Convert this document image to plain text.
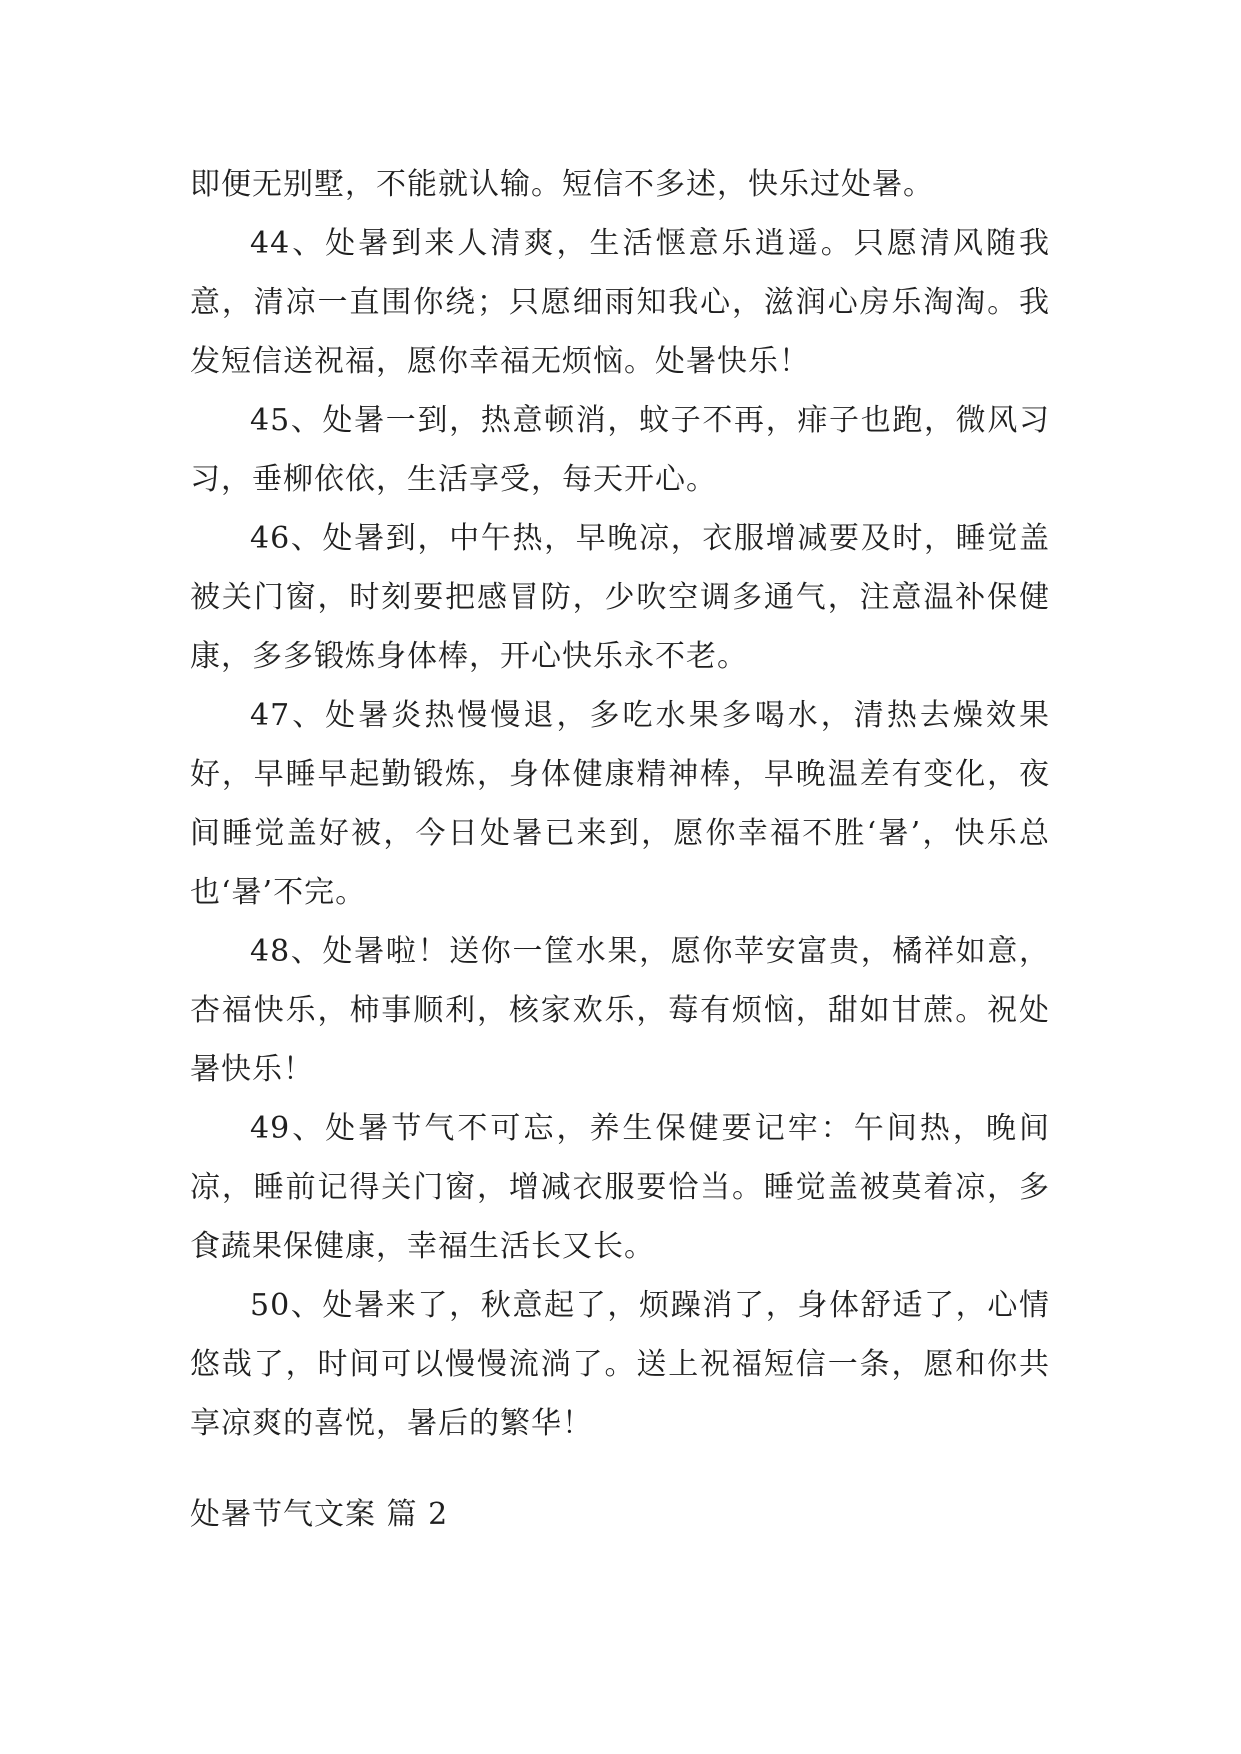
即便无别墅，不能就认输。短信不多述，快乐过处暑。

44、处暑到来人清爽，生活惬意乐逍遥。只愿清风随我意，清凉一直围你绕；只愿细雨知我心，滋润心房乐淘淘。我发短信送祝福，愿你幸福无烦恼。处暑快乐！

45、处暑一到，热意顿消，蚊子不再，痱子也跑，微风习习，垂柳依依，生活享受，每天开心。

46、处暑到，中午热，早晚凉，衣服增减要及时，睡觉盖被关门窗，时刻要把感冒防，少吹空调多通气，注意温补保健康，多多锻炼身体棒，开心快乐永不老。

47、处暑炎热慢慢退，多吃水果多喝水，清热去燥效果好，早睡早起勤锻炼，身体健康精神棒，早晚温差有变化，夜间睡觉盖好被，今日处暑已来到，愿你幸福不胜‘暑’，快乐总也‘暑’不完。

48、处暑啦！送你一筐水果，愿你苹安富贵，橘祥如意，杏福快乐，柿事顺利，核家欢乐，莓有烦恼，甜如甘蔗。祝处暑快乐！

49、处暑节气不可忘，养生保健要记牢：午间热，晚间凉，睡前记得关门窗，增减衣服要恰当。睡觉盖被莫着凉，多食蔬果保健康，幸福生活长又长。

50、处暑来了，秋意起了，烦躁消了，身体舒适了，心情悠哉了，时间可以慢慢流淌了。送上祝福短信一条，愿和你共享凉爽的喜悦，暑后的繁华！

处暑节气文案 篇 2
